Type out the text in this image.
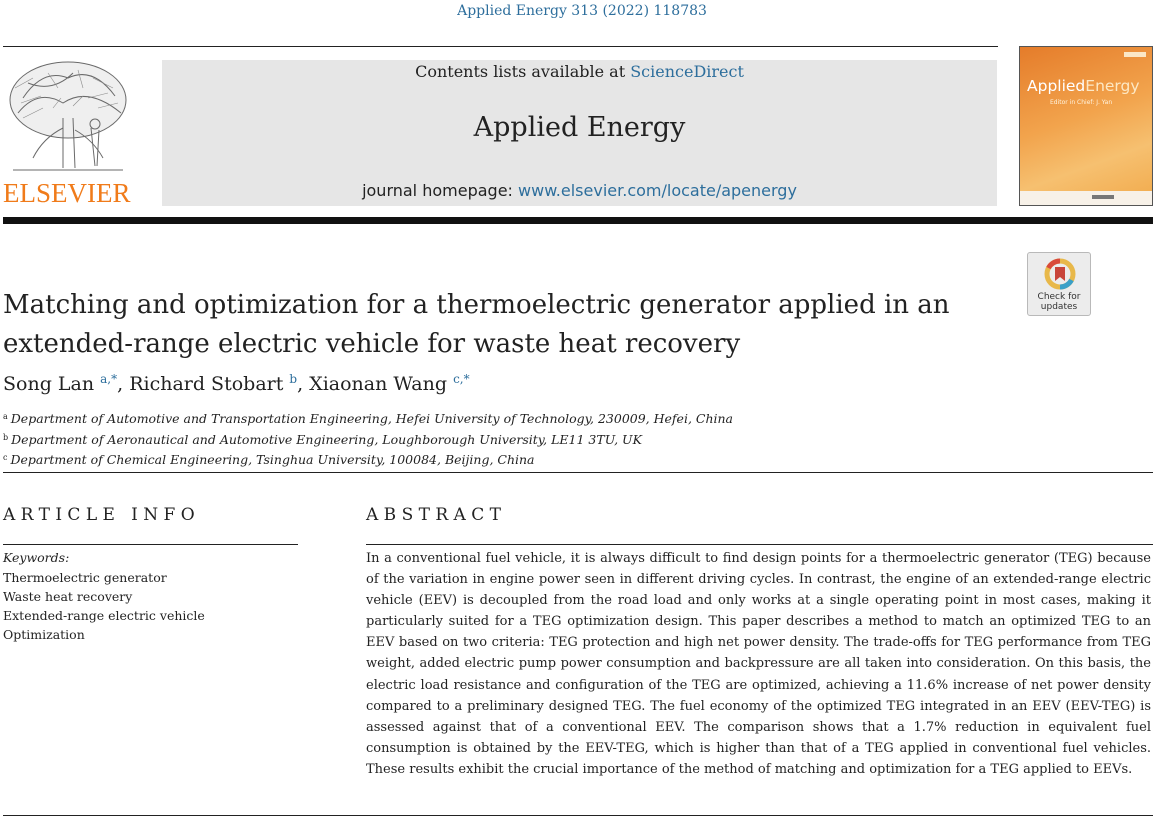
Applied Energy 313 (2022) 118783
ELSEVIER
Contents lists available at ScienceDirect
Applied Energy
journal homepage: www.elsevier.com/locate/apenergy
AppliedEnergy
Editor in Chief: J. Yan
Check for
updates
Matching and optimization for a thermoelectric generator applied in an
extended-range electric vehicle for waste heat recovery
Song Lan $^{a,*}$, Richard Stobart $^b$, Xiaonan Wang $^{c,*}$
$^a$ Department of Automotive and Transportation Engineering, Hefei University of Technology, 230009, Hefei, China
$^b$ Department of Aeronautical and Automotive Engineering, Loughborough University, LE11 3TU, UK
$^c$ Department of Chemical Engineering, Tsinghua University, 100084, Beijing, China
ARTICLE INFO	ABSTRACT
Keywords:
Thermoelectric generator
Waste heat recovery
Extended-range electric vehicle
Optimization
In a conventional fuel vehicle, it is always difficult to find design points for a thermoelectric generator (TEG) because of the variation in engine power seen in different driving cycles. In contrast, the engine of an extended-range electric vehicle (EEV) is decoupled from the road load and only works at a single operating point in most cases, making it particularly suited for a TEG optimization design. This paper describes a method to match an optimized TEG to an EEV based on two criteria: TEG protection and high net power density. The trade-offs for TEG performance from TEG weight, added electric pump power consumption and backpressure are all taken into consideration. On this basis, the electric load resistance and configuration of the TEG are optimized, achieving a 11.6% increase of net power density compared to a preliminary designed TEG. The fuel economy of the optimized TEG integrated in an EEV (EEV-TEG) is assessed against that of a conventional EEV. The comparison shows that a 1.7% reduction in equivalent fuel consumption is obtained by the EEV-TEG, which is higher than that of a TEG applied in conventional fuel vehicles. These results exhibit the crucial importance of the method of matching and optimization for a TEG applied to EEVs.
